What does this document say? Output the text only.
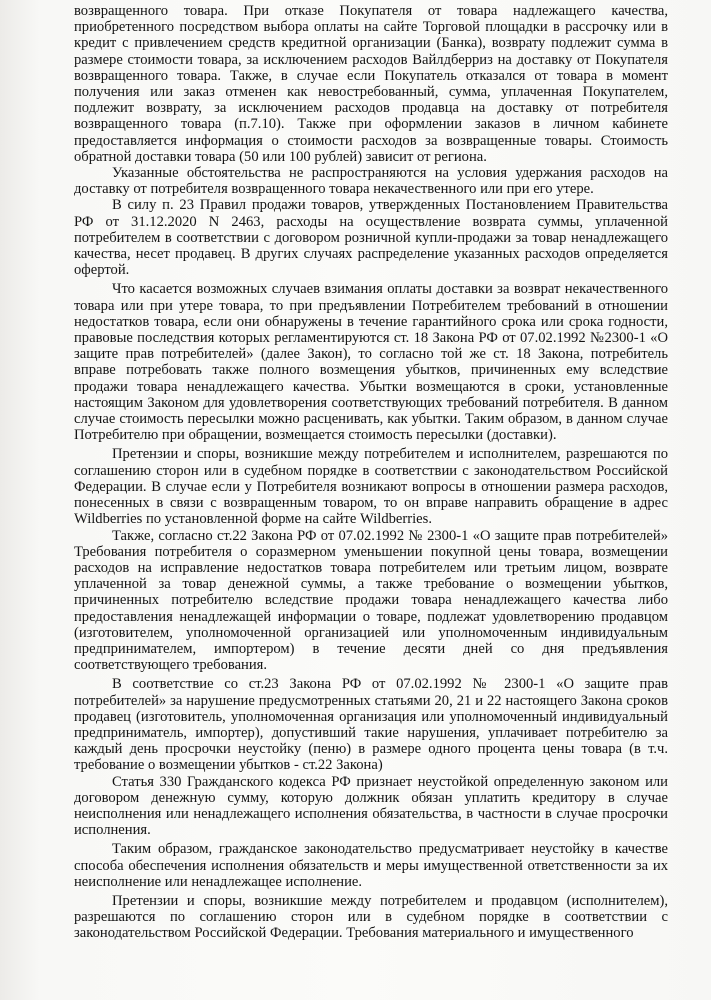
возвращенного товара. При отказе Покупателя от товара надлежащего качества, приобретенного посредством выбора оплаты на сайте Торговой площадки в рассрочку или в кредит с привлечением средств кредитной организации (Банка), возврату подлежит сумма в размере стоимости товара, за исключением расходов Вайлдберриз на доставку от Покупателя возвращенного товара. Также, в случае если Покупатель отказался от товара в момент получения или заказ отменен как невостребованный, сумма, уплаченная Покупателем, подлежит возврату, за исключением расходов продавца на доставку от потребителя возвращенного товара (п.7.10). Также при оформлении заказов в личном кабинете предоставляется информация о стоимости расходов за возвращенные товары. Стоимость обратной доставки товара (50 или 100 рублей) зависит от региона.

Указанные обстоятельства не распространяются на условия удержания расходов на доставку от потребителя возвращенного товара некачественного или при его утере.

В силу п. 23 Правил продажи товаров, утвержденных Постановлением Правительства РФ от 31.12.2020 N 2463, расходы на осуществление возврата суммы, уплаченной потребителем в соответствии с договором розничной купли-продажи за товар ненадлежащего качества, несет продавец. В других случаях распределение указанных расходов определяется офертой.

Что касается возможных случаев взимания оплаты доставки за возврат некачественного товара или при утере товара, то при предъявлении Потребителем требований в отношении недостатков товара, если они обнаружены в течение гарантийного срока или срока годности, правовые последствия которых регламентируются ст. 18 Закона РФ от 07.02.1992 №2300-1 «О защите прав потребителей» (далее Закон), то согласно той же ст. 18 Закона, потребитель вправе потребовать также полного возмещения убытков, причиненных ему вследствие продажи товара ненадлежащего качества. Убытки возмещаются в сроки, установленные настоящим Законом для удовлетворения соответствующих требований потребителя. В данном случае стоимость пересылки можно расценивать, как убытки. Таким образом, в данном случае Потребителю при обращении, возмещается стоимость пересылки (доставки).

Претензии и споры, возникшие между потребителем и исполнителем, разрешаются по соглашению сторон или в судебном порядке в соответствии с законодательством Российской Федерации. В случае если у Потребителя возникают вопросы в отношении размера расходов, понесенных в связи с возвращенным товаром, то он вправе направить обращение в адрес Wildberries по установленной форме на сайте Wildberries.

Также, согласно ст.22 Закона РФ от 07.02.1992 № 2300-1 «О защите прав потребителей» Требования потребителя о соразмерном уменьшении покупной цены товара, возмещении расходов на исправление недостатков товара потребителем или третьим лицом, возврате уплаченной за товар денежной суммы, а также требование о возмещении убытков, причиненных потребителю вследствие продажи товара ненадлежащего качества либо предоставления ненадлежащей информации о товаре, подлежат удовлетворению продавцом (изготовителем, уполномоченной организацией или уполномоченным индивидуальным предпринимателем, импортером) в течение десяти дней со дня предъявления соответствующего требования.

В соответствие со ст.23 Закона РФ от 07.02.1992 № 2300-1 «О защите прав потребителей» за нарушение предусмотренных статьями 20, 21 и 22 настоящего Закона сроков продавец (изготовитель, уполномоченная организация или уполномоченный индивидуальный предприниматель, импортер), допустивший такие нарушения, уплачивает потребителю за каждый день просрочки неустойку (пеню) в размере одного процента цены товара (в т.ч. требование о возмещении убытков - ст.22 Закона)

Статья 330 Гражданского кодекса РФ признает неустойкой определенную законом или договором денежную сумму, которую должник обязан уплатить кредитору в случае неисполнения или ненадлежащего исполнения обязательства, в частности в случае просрочки исполнения.

Таким образом, гражданское законодательство предусматривает неустойку в качестве способа обеспечения исполнения обязательств и меры имущественной ответственности за их неисполнение или ненадлежащее исполнение.

Претензии и споры, возникшие между потребителем и продавцом (исполнителем), разрешаются по соглашению сторон или в судебном порядке в соответствии с законодательством Российской Федерации. Требования материального и имущественного
